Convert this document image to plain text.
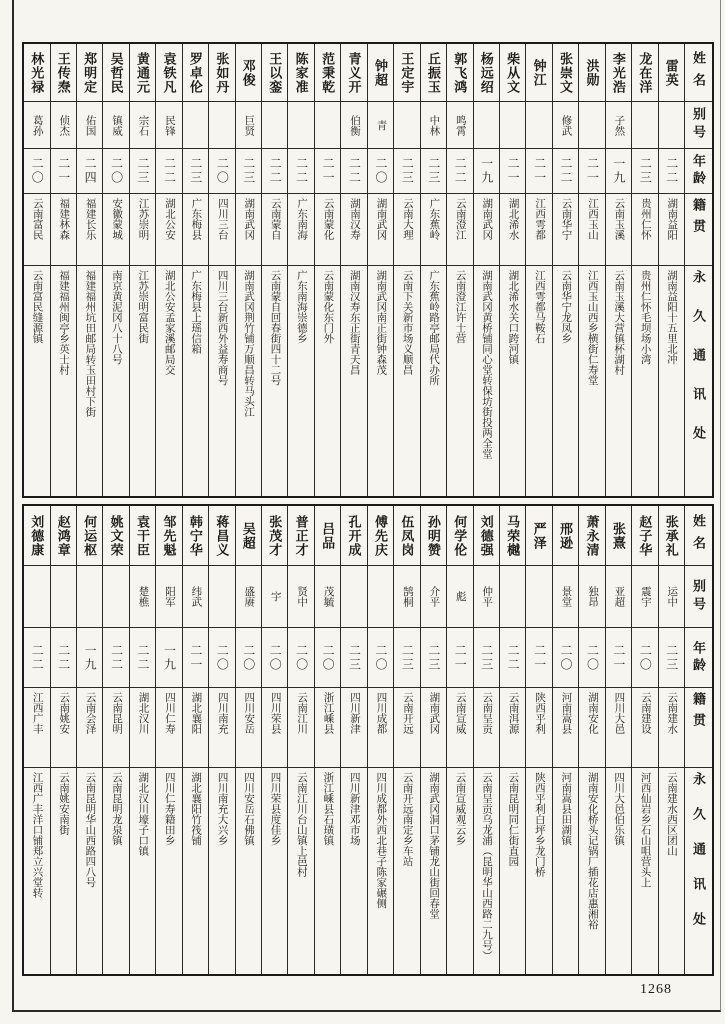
姓名
别号
年龄
籍贯
永久通讯处
雷英
二二
湖南益阳
湖南益阳十五里北冲
龙在洋
二三
贵州仁怀
贵州仁怀毛坝场小湾
李光浩
子然
一九
云南玉溪
云南玉溪大营镇杯湖村
洪勋
二一
江西玉山
江西玉山西乡横街仁寿堂
张崇文
修武
二二
云南华宁
云南华宁龙凤乡
钟江
二一
江西雩都
江西雩都马鞍石
柴从文
二一
湖北浠水
湖北浠水关口跨河镇
杨远绍
一九
湖南武冈
湖南武冈黄桥铺同心堂转保坊街投两全堂
郭飞鸿
鸣霄
二二
云南澄江
云南澄江许士营
丘振玉
中林
二三
广东蕉岭
广东蕉岭路亭邮局代办所
王定宇
二三
云南大理
云南下关新市场义顺昌
钟超
青
二〇
湖南武冈
湖南武冈南正街钟森茂
青义开
伯衡
二二
湖南汉寿
湖南汉寿东正街青天昌
范秉乾
二一
云南蒙化
云南蒙化东门外
陈家准
二二
广东南海
广东南海崇德乡
王以銮
二二
云南蒙自
云南蒙自回春街四十二号
邓俊
巨贤
二三
湖南武冈
湖南武冈荆竹铺万顺昌转马头江
张如丹
二〇
四川三台
四川三台新西外益寿商号
罗卓伦
二三
广东梅县
广东梅县上瑶信箱
袁铁凡
民锋
二二
湖北公安
湖北公安孟家溪邮局交
黄通元
宗石
二三
江苏崇明
江苏崇明富民街
吴哲民
镇威
二〇
安徽蒙城
南京黄泥冈八十八号
郑明定
佑国
二四
福建长乐
福建福州坑田邮局转玉田村下街
王传焘
侦杰
二一
福建林森
福建福州闽亭乡英士村
林光禄
葛孙
二〇
云南富民
云南富民缝源镇
姓名
别号
年龄
籍贯
永久通讯处
张承礼
运中
二三
云南建水
云南建水西区团山
赵子华
震宇
二〇
云南建设
河西仙岩乡石山咀营头上
张熹
亚超
二一
四川大邑
四川大邑伯乐镇
萧永清
独昂
二〇
湖南安化
湖南安化桥头记锅厂插花店惠湘裕
邢逊
景堂
二〇
河南嵩县
河南嵩县田湖镇
严泽
二一
陕西平利
陕西平利白坪乡龙门桥
马荣樾
二二
云南洱源
云南昆明同仁街直园
刘德强
仲平
二三
云南呈贡
云南呈贡乌龙浦（昆明华山西路二九号）
何学伦
彪
二一
云南宣威
云南宣威观云乡
孙明赞
介平
二三
湖南武冈
湖南武冈洞口茅铺龙山街回春堂
伍凤岗
鹄桐
二三
云南开远
云南开远南定乡车站
傅先庆
二〇
四川成都
四川成都外西北巷子陈家碾侧
孔开成
二三
四川新津
四川新津邓市场
吕品
茂毓
二〇
浙江嵊县
浙江嵊县石璜镇
普正才
贤中
二〇
云南江川
云南江川台山镇上邑村
张茂才
宇
二〇
四川荣县
四川荣县度佳乡
吴超
盛赓
二〇
四川安岳
四川安岳石佛镇
蒋昌义
二〇
四川南充
四川南充大兴乡
韩宁华
纬武
二一
湖北襄阳
湖北襄阳竹筏铺
邹先魁
阳军
一九
四川仁寿
四川仁寿籍田乡
袁干臣
楚樵
二二
湖北汉川
湖北汉川壕子口镇
姚文荣
二二
云南昆明
云南昆明龙泉镇
何运枢
一九
云南会泽
云南昆明华山西路四八号
赵鸿章
二二
云南姚安
云南姚安南街
刘德康
二二
江西广丰
江西广丰洋口铺郑立兴堂转
1268
